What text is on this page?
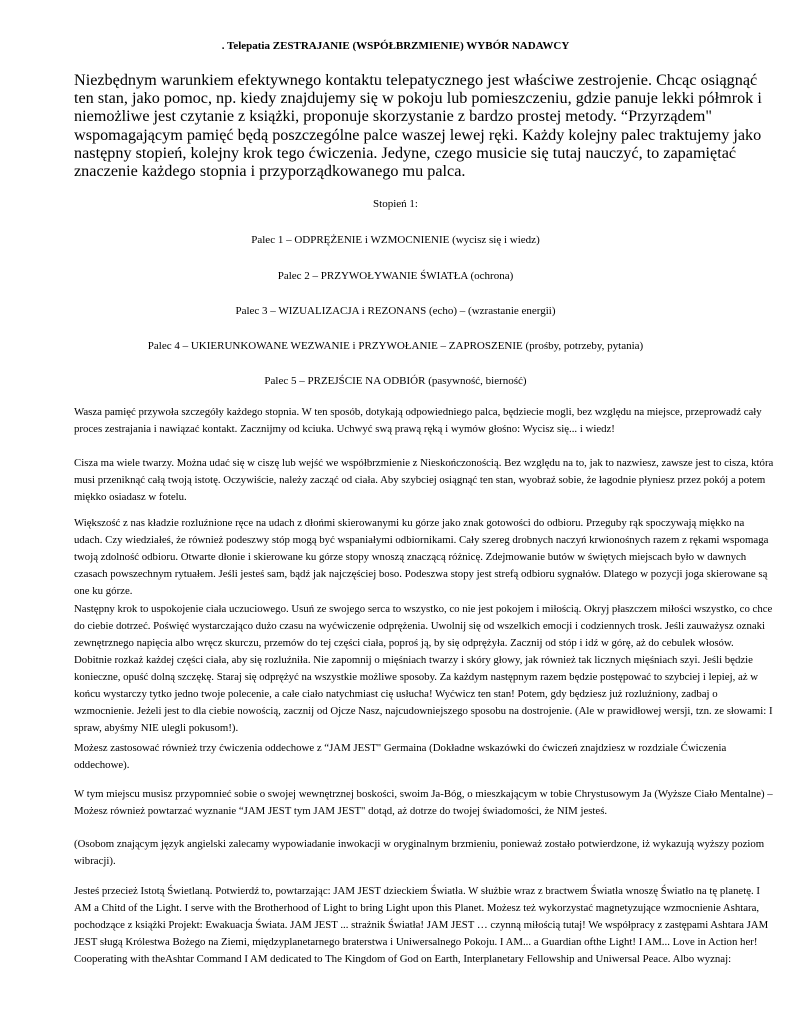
. Telepatia ZESTRAJANIE (WSPÓŁBRZMIENIE) WYBÓR NADAWCY
Niezbędnym warunkiem efektywnego kontaktu telepatycznego jest właściwe zestrojenie. Chcąc osiągnąć ten stan, jako pomoc, np. kiedy znajdujemy się w pokoju lub pomieszczeniu, gdzie panuje lekki półmrok i niemożliwe jest czytanie z książki, proponuje skorzystanie z bardzo prostej metody. “Przyrządem" wspomagającym pamięć będą poszczególne palce waszej lewej ręki. Każdy kolejny palec traktujemy jako następny stopień, kolejny krok tego ćwiczenia. Jedyne, czego musicie się tutaj nauczyć, to zapamiętać znaczenie każdego stopnia i przyporządkowanego mu palca.
Stopień 1:
Palec 1 – ODPRĘŻENIE i WZMOCNIENIE (wycisz się i wiedz)
Palec 2 – PRZYWOŁYWANIE ŚWIATŁA (ochrona)
Palec 3 – WIZUALIZACJA i REZONANS (echo) – (wzrastanie energii)
Palec 4 – UKIERUNKOWANE WEZWANIE i PRZYWOŁANIE – ZAPROSZENIE (prośby, potrzeby, pytania)
Palec 5 – PRZEJŚCIE NA ODBIÓR (pasywność, bierność)
Wasza pamięć przywoła szczegóły każdego stopnia. W ten sposób, dotykają odpowiedniego palca, będziecie mogli, bez względu na miejsce, przeprowadź cały proces zestrajania i nawiązać kontakt. Zacznijmy od kciuka. Uchwyć swą prawą ręką i wymów głośno: Wycisz się... i wiedz!
Cisza ma wiele twarzy. Można udać się w ciszę lub wejść we współbrzmienie z Nieskończonością. Bez względu na to, jak to nazwiesz, zawsze jest to cisza, która musi przeniknąć całą twoją istotę. Oczywiście, należy zacząć od ciała. Aby szybciej osiągnąć ten stan, wyobraź sobie, że łagodnie płyniesz przez pokój a potem miękko osiadasz w fotelu.
Większość z nas kładzie rozluźnione ręce na udach z dłońmi skierowanymi ku górze jako znak gotowości do odbioru. Przeguby rąk spoczywają miękko na udach. Czy wiedziałeś, że również podeszwy stóp mogą być wspaniałymi odbiornikami. Cały szereg drobnych naczyń krwionośnych razem z rękami wspomaga twoją zdolność odbioru. Otwarte dłonie i skierowane ku górze stopy wnoszą znaczącą różnicę. Zdejmowanie butów w świętych miejscach było w dawnych czasach powszechnym rytuałem. Jeśli jesteś sam, bądź jak najczęściej boso. Podeszwa stopy jest strefą odbioru sygnałów. Dlatego w pozycji joga skierowane są one ku górze.
Następny krok to uspokojenie ciała uczuciowego. Usuń ze swojego serca to wszystko, co nie jest pokojem i miłością. Okryj płaszczem miłości wszystko, co chce do ciebie dotrzeć. Poświęć wystarczająco dużo czasu na wyćwiczenie odprężenia. Uwolnij się od wszelkich emocji i codziennych trosk. Jeśli zauważysz oznaki zewnętrznego napięcia albo wręcz skurczu, przemów do tej części ciała, poproś ją, by się odprężyła. Zacznij od stóp i idź w górę, aż do cebulek włosów. Dobitnie rozkaż każdej części ciała, aby się rozluźniła. Nie zapomnij o mięśniach twarzy i skóry głowy, jak również tak licznych mięśniach szyi. Jeśli będzie konieczne, opuść dolną szczękę. Staraj się odprężyć na wszystkie możliwe sposoby. Za każdym następnym razem będzie postępować to szybciej i lepiej, aż w końcu wystarczy tytko jedno twoje polecenie, a całe ciało natychmiast cię usłucha! Wyćwicz ten stan! Potem, gdy będziesz już rozluźniony, zadbaj o wzmocnienie. Jeżeli jest to dla ciebie nowością, zacznij od Ojcze Nasz, najcudowniejszego sposobu na dostrojenie. (Ale w prawidłowej wersji, tzn. ze słowami: I spraw, abyśmy NIE ulegli pokusom!).
Możesz zastosować również trzy ćwiczenia oddechowe z “JAM JEST" Germaina (Dokładne wskazówki do ćwiczeń znajdziesz w rozdziale Ćwiczenia oddechowe).
W tym miejscu musisz przypomnieć sobie o swojej wewnętrznej boskości, swoim Ja-Bóg, o mieszkającym w tobie Chrystusowym Ja (Wyższe Ciało Mentalne) – Możesz również powtarzać wyznanie “JAM JEST tym JAM JEST" dotąd, aż dotrze do twojej świadomości, że NIM jesteś.
(Osobom znającym język angielski zalecamy wypowiadanie inwokacji w oryginalnym brzmieniu, ponieważ zostało potwierdzone, iż wykazują wyższy poziom wibracji).
Jesteś przecież Istotą Świetlaną. Potwierdź to, powtarzając: JAM JEST dzieckiem Światła. W służbie wraz z bractwem Światła wnoszę Światło na tę planetę. I AM a Chitd of the Light. I serve with the Brotherhood of Light to bring Light upon this Planet. Możesz też wykorzystać magnetyzujące wzmocnienie Ashtara, pochodzące z książki Projekt: Ewakuacja Świata. JAM JEST ... strażnik Światła! JAM JEST … czynną miłością tutaj! We współpracy z zastępami Ashtara JAM JEST sługą Królestwa Bożego na Ziemi, międzyplanetarnego braterstwa i Uniwersalnego Pokoju. I AM... a Guardian ofthe Light! I AM... Love in Action her! Cooperating with theAshtar Command I AM dedicated to The Kingdom of God on Earth, Interplanetary Fellowship and Uniwersal Peace. Albo wyznaj:
